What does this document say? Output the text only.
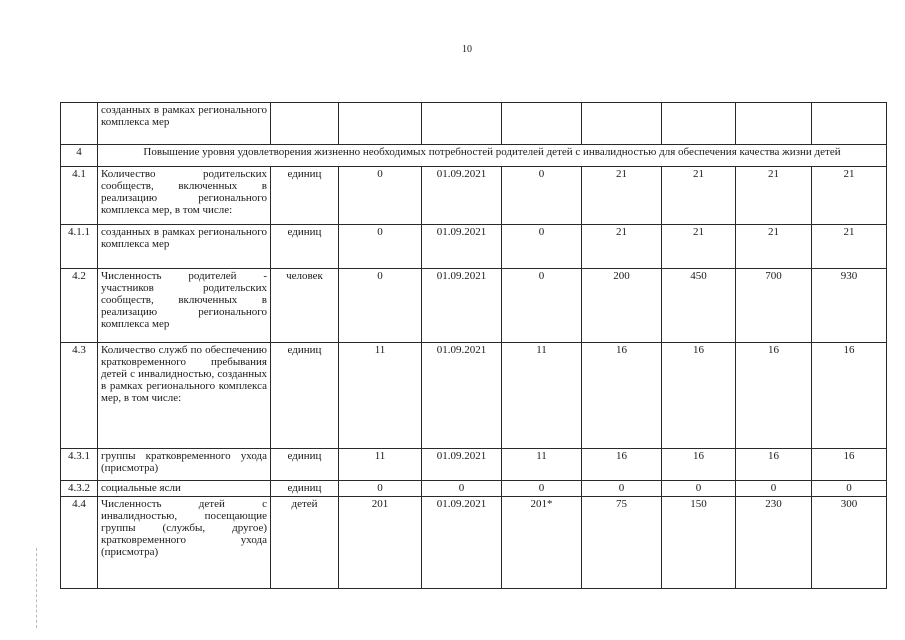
10
	созданных в рамках регионального комплекса мер								
4	Повышение уровня удовлетворения жизненно необходимых потребностей родителей детей с инвалидностью для обеспечения качества жизни детей								
4.1	Количество родительских сообществ, включенных в реализацию регионального комплекса мер, в том числе:	единиц	0	01.09.2021	0	21	21	21	21
4.1.1	созданных в рамках регионального комплекса мер	единиц	0	01.09.2021	0	21	21	21	21
4.2	Численность родителей - участников родительских сообществ, включенных в реализацию регионального комплекса мер	человек	0	01.09.2021	0	200	450	700	930
4.3	Количество служб по обеспечению кратковременного пребывания детей с инвалидностью, созданных в рамках регионального комплекса мер, в том числе:	единиц	11	01.09.2021	11	16	16	16	16
4.3.1	группы кратковременного ухода (присмотра)	единиц	11	01.09.2021	11	16	16	16	16
4.3.2	социальные ясли	единиц	0	0	0	0	0	0	0
4.4	Численность детей с инвалидностью, посещающие группы (службы, другое) кратковременного ухода (присмотра)	детей	201	01.09.2021	201*	75	150	230	300
